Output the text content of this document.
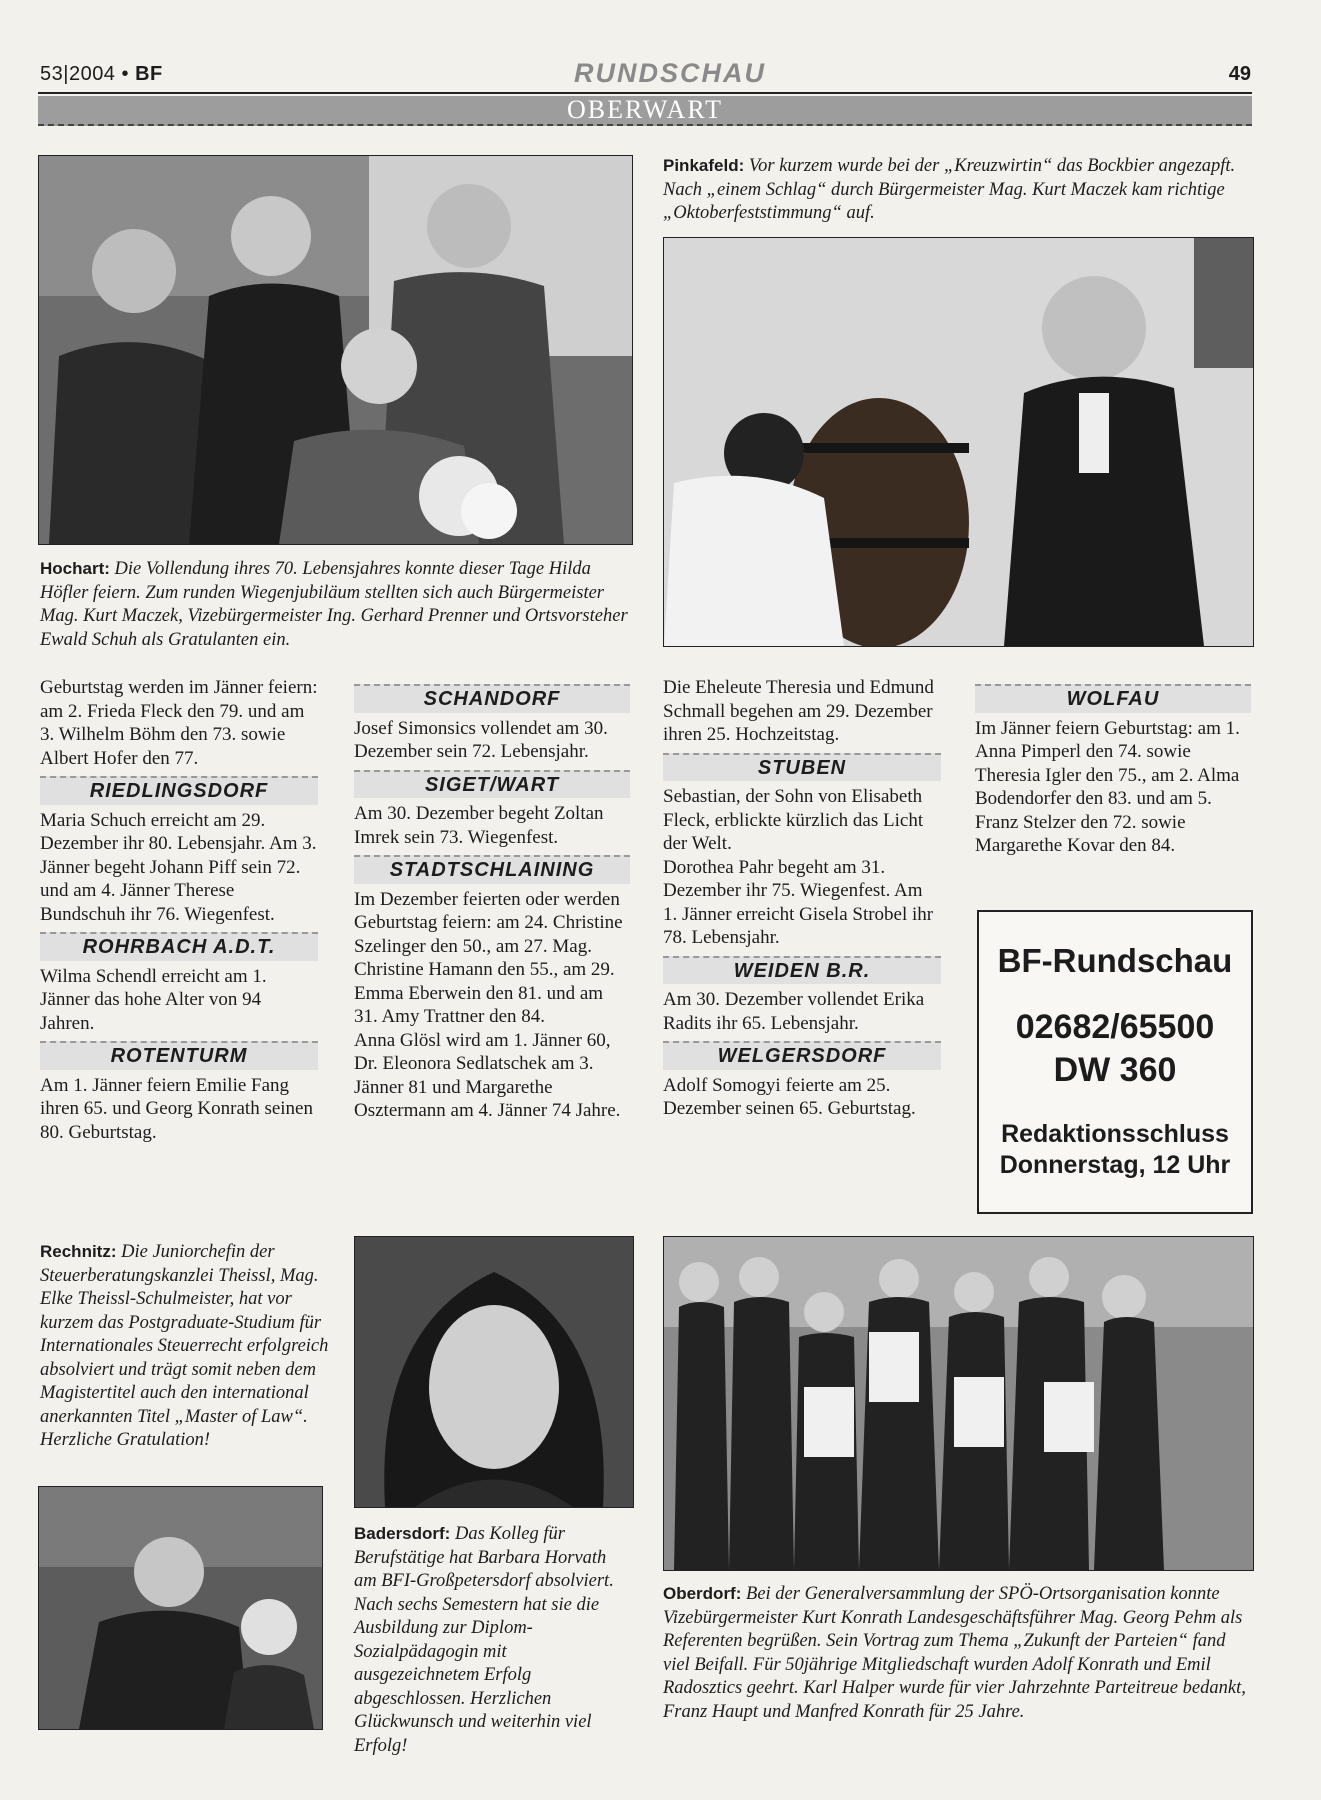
53|2004 • BF	RUNDSCHAU	49
OBERWART
Hochart: Die Vollendung ihres 70. Lebensjahres konnte dieser Tage Hilda Höfler feiern. Zum runden Wiegenjubiläum stellten sich auch Bürgermeister Mag. Kurt Maczek, Vizebürgermeister Ing. Gerhard Prenner und Ortsvorsteher Ewald Schuh als Gratulanten ein.
Pinkafeld: Vor kurzem wurde bei der „Kreuzwirtin“ das Bockbier angezapft. Nach „einem Schlag“ durch Bürgermeister Mag. Kurt Maczek kam richtige „Oktoberfeststimmung“ auf.

Geburtstag werden im Jänner feiern: am 2. Frieda Fleck den 79. und am 3. Wilhelm Böhm den 73. sowie Albert Hofer den 77.

RIEDLINGSDORF

Maria Schuch erreicht am 29. Dezember ihr 80. Lebensjahr. Am 3. Jänner begeht Johann Piff sein 72. und am 4. Jänner Therese Bundschuh ihr 76. Wiegenfest.

ROHRBACH A.D.T.

Wilma Schendl erreicht am 1. Jänner das hohe Alter von 94 Jahren.

ROTENTURM

Am 1. Jänner feiern Emilie Fang ihren 65. und Georg Konrath seinen 80. Geburtstag.

SCHANDORF

Josef Simonsics vollendet am 30. Dezember sein 72. Lebensjahr.

SIGET/WART

Am 30. Dezember begeht Zoltan Imrek sein 73. Wiegenfest.

STADTSCHLAINING

Im Dezember feierten oder werden Geburtstag feiern: am 24. Christine Szelinger den 50., am 27. Mag. Christine Hamann den 55., am 29. Emma Eberwein den 81. und am 31. Amy Trattner den 84.

Anna Glösl wird am 1. Jänner 60, Dr. Eleonora Sedlatschek am 3. Jänner 81 und Margarethe Osztermann am 4. Jänner 74 Jahre.

Die Eheleute Theresia und Edmund Schmall begehen am 29. Dezember ihren 25. Hochzeitstag.

STUBEN

Sebastian, der Sohn von Elisabeth Fleck, erblickte kürzlich das Licht der Welt.

Dorothea Pahr begeht am 31. Dezember ihr 75. Wiegenfest. Am 1. Jänner erreicht Gisela Strobel ihr 78. Lebensjahr.

WEIDEN B.R.

Am 30. Dezember vollendet Erika Radits ihr 65. Lebensjahr.

WELGERSDORF

Adolf Somogyi feierte am 25. Dezember seinen 65. Geburtstag.

WOLFAU

Im Jänner feiern Geburtstag: am 1. Anna Pimperl den 74. sowie Theresia Igler den 75., am 2. Alma Bodendorfer den 83. und am 5. Franz Stelzer den 72. sowie Margarethe Kovar den 84.

BF-Rundschau
02682/65500
DW 360
Redaktionsschluss
Donnerstag, 12 Uhr
Rechnitz: Die Juniorchefin der Steuerberatungskanzlei Theissl, Mag. Elke Theissl-Schulmeister, hat vor kurzem das Postgraduate-Studium für Internationales Steuerrecht erfolgreich absolviert und trägt somit neben dem Magistertitel auch den international anerkannten Titel „Master of Law“. Herzliche Gratulation!
Badersdorf: Das Kolleg für Berufstätige hat Barbara Horvath am BFI-Großpetersdorf absolviert. Nach sechs Semestern hat sie die Ausbildung zur Diplom-Sozialpädagogin mit ausgezeichnetem Erfolg abgeschlossen. Herzlichen Glückwunsch und weiterhin viel Erfolg!
Oberdorf: Bei der Generalversammlung der SPÖ-Ortsorganisation konnte Vizebürgermeister Kurt Konrath Landesgeschäftsführer Mag. Georg Pehm als Referenten begrüßen. Sein Vortrag zum Thema „Zukunft der Parteien“ fand viel Beifall. Für 50jährige Mitgliedschaft wurden Adolf Konrath und Emil Radosztics geehrt. Karl Halper wurde für vier Jahrzehnte Parteitreue bedankt, Franz Haupt und Manfred Konrath für 25 Jahre.
